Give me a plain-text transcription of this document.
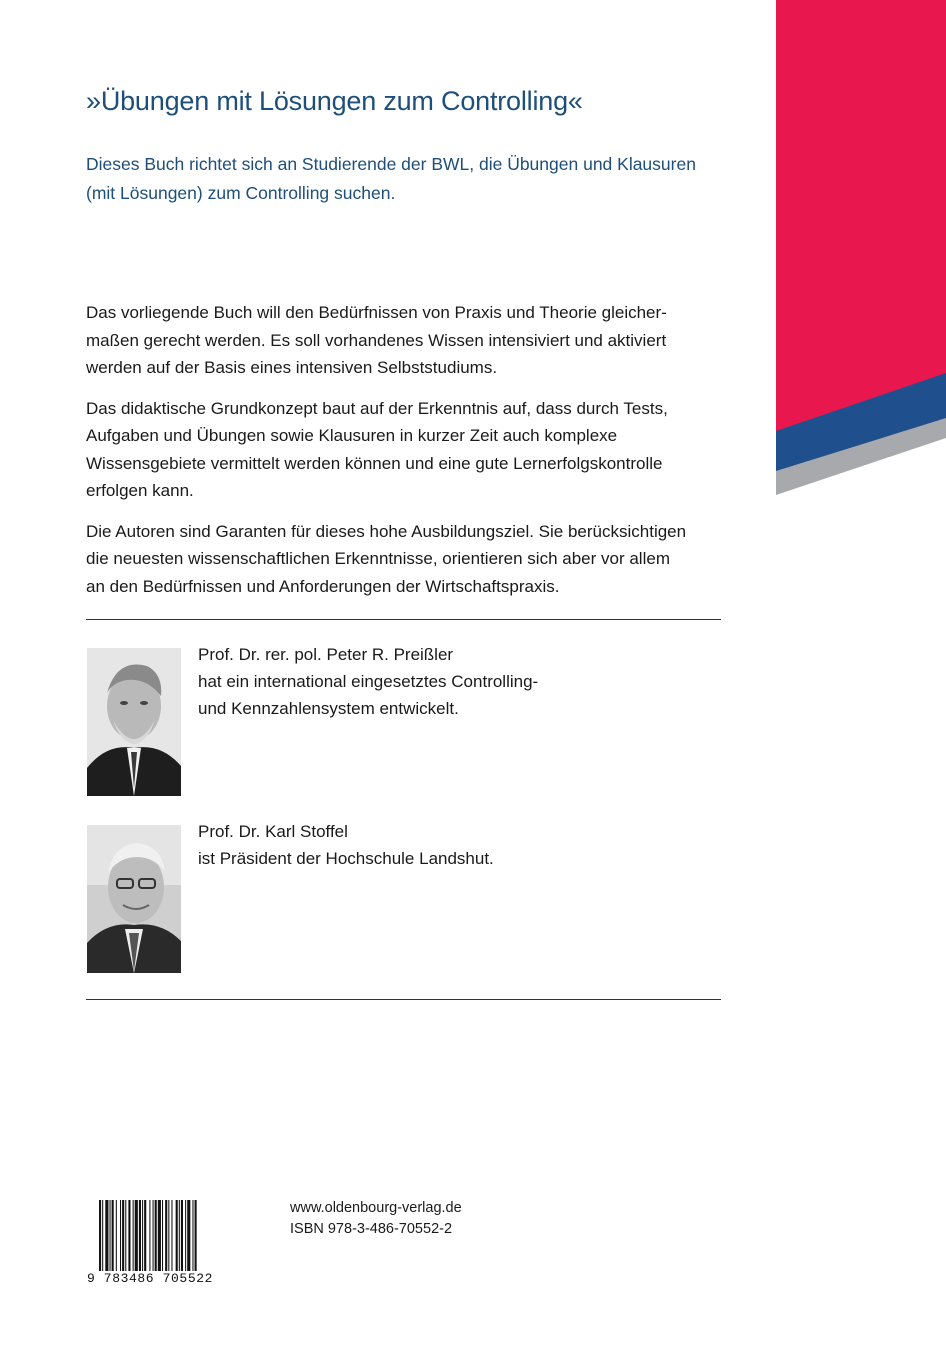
»Übungen mit Lösungen zum Controlling«
Dieses Buch richtet sich an Studierende der BWL, die Übungen und Klausuren
(mit Lösungen) zum Controlling suchen.

Das vorliegende Buch will den Bedürfnissen von Praxis und Theorie gleicher-
maßen gerecht werden. Es soll vorhandenes Wissen intensiviert und aktiviert
werden auf der Basis eines intensiven Selbststudiums.

Das didaktische Grundkonzept baut auf der Erkenntnis auf, dass durch Tests,
Aufgaben und Übungen sowie Klausuren in kurzer Zeit auch komplexe
Wissensgebiete vermittelt werden können und eine gute Lernerfolgskontrolle
erfolgen kann.

Die Autoren sind Garanten für dieses hohe Ausbildungsziel. Sie berücksichtigen
die neuesten wissenschaftlichen Erkenntnisse, orientieren sich aber vor allem
an den Bedürfnissen und Anforderungen der Wirtschaftspraxis.

Prof. Dr. rer. pol. Peter R. Preißler
hat ein international eingesetztes Controlling-
und Kennzahlensystem entwickelt.
Prof. Dr. Karl Stoffel
ist Präsident der Hochschule Landshut.
9 783486 705522
www.oldenbourg-verlag.de
ISBN 978-3-486-70552-2
